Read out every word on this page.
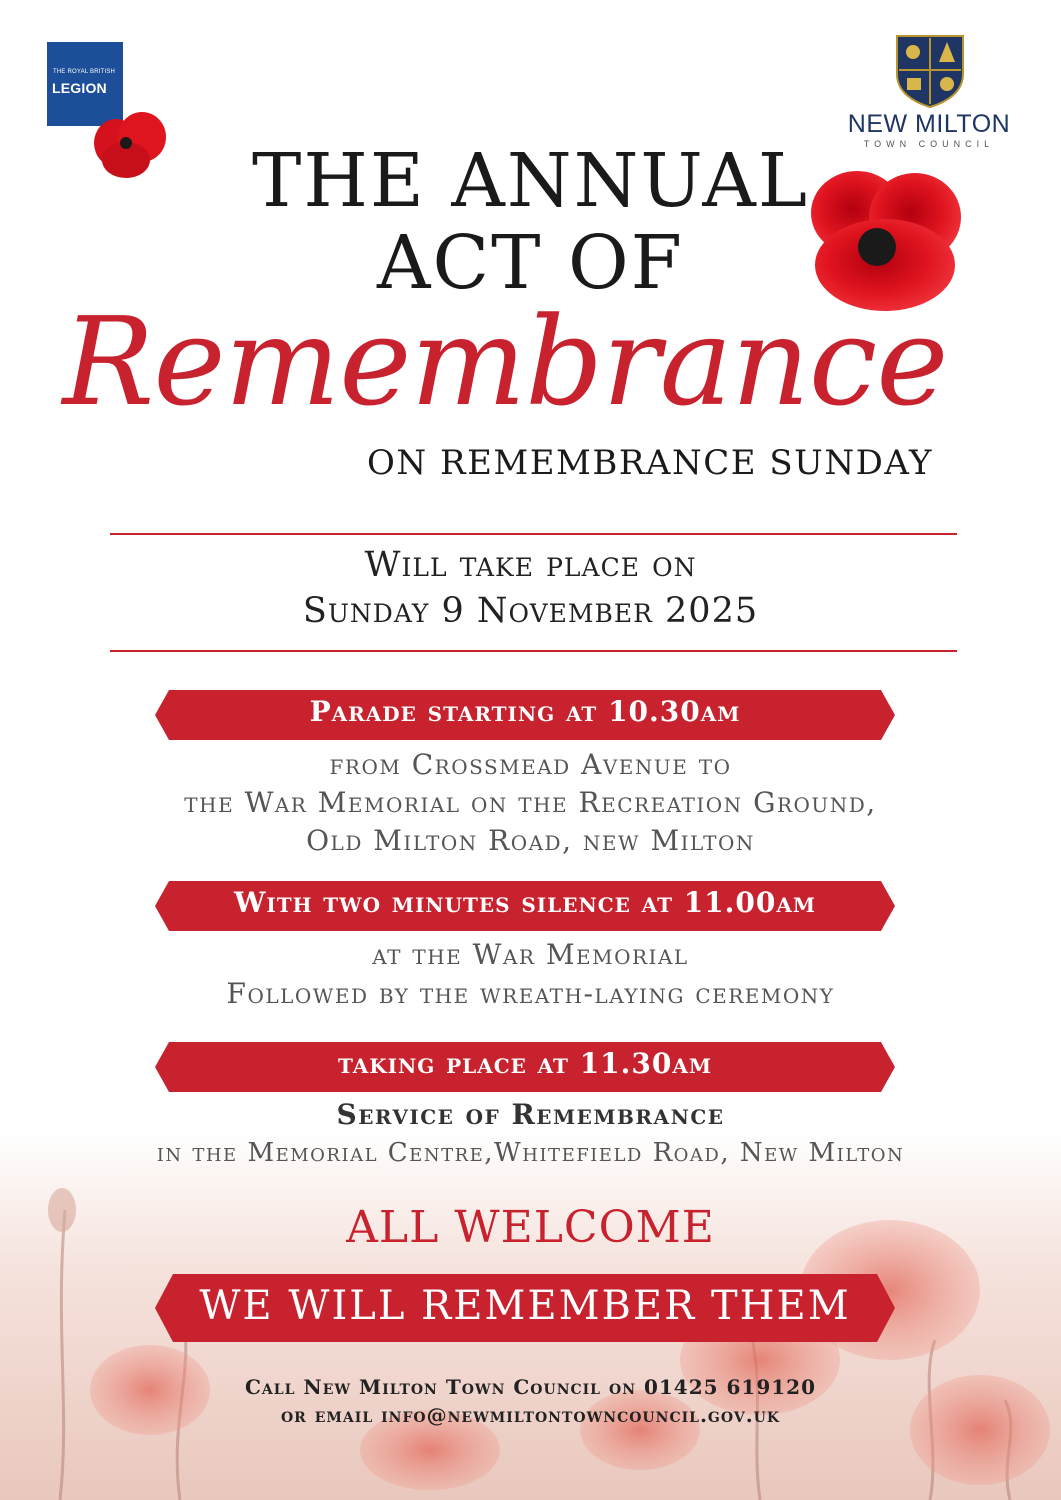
THE ROYAL BRITISH
LEGION
NEW MILTON
TOWN COUNCIL
THE ANNUAL
ACT OF
Remembrance
ON REMEMBRANCE SUNDAY
Will take place on
Sunday 9 November 2025
Parade starting at 10.30am
from Crossmead Avenue to
the War Memorial on the Recreation Ground,
Old Milton Road, new Milton
With two minutes silence at 11.00am
at the War Memorial
Followed by the wreath-laying ceremony
taking place at 11.30am
Service of Remembrance
in the Memorial Centre,Whitefield Road, New Milton
ALL WELCOME
WE WILL REMEMBER THEM
Call New Milton Town Council on 01425 619120
or email info@newmiltontowncouncil.gov.uk
